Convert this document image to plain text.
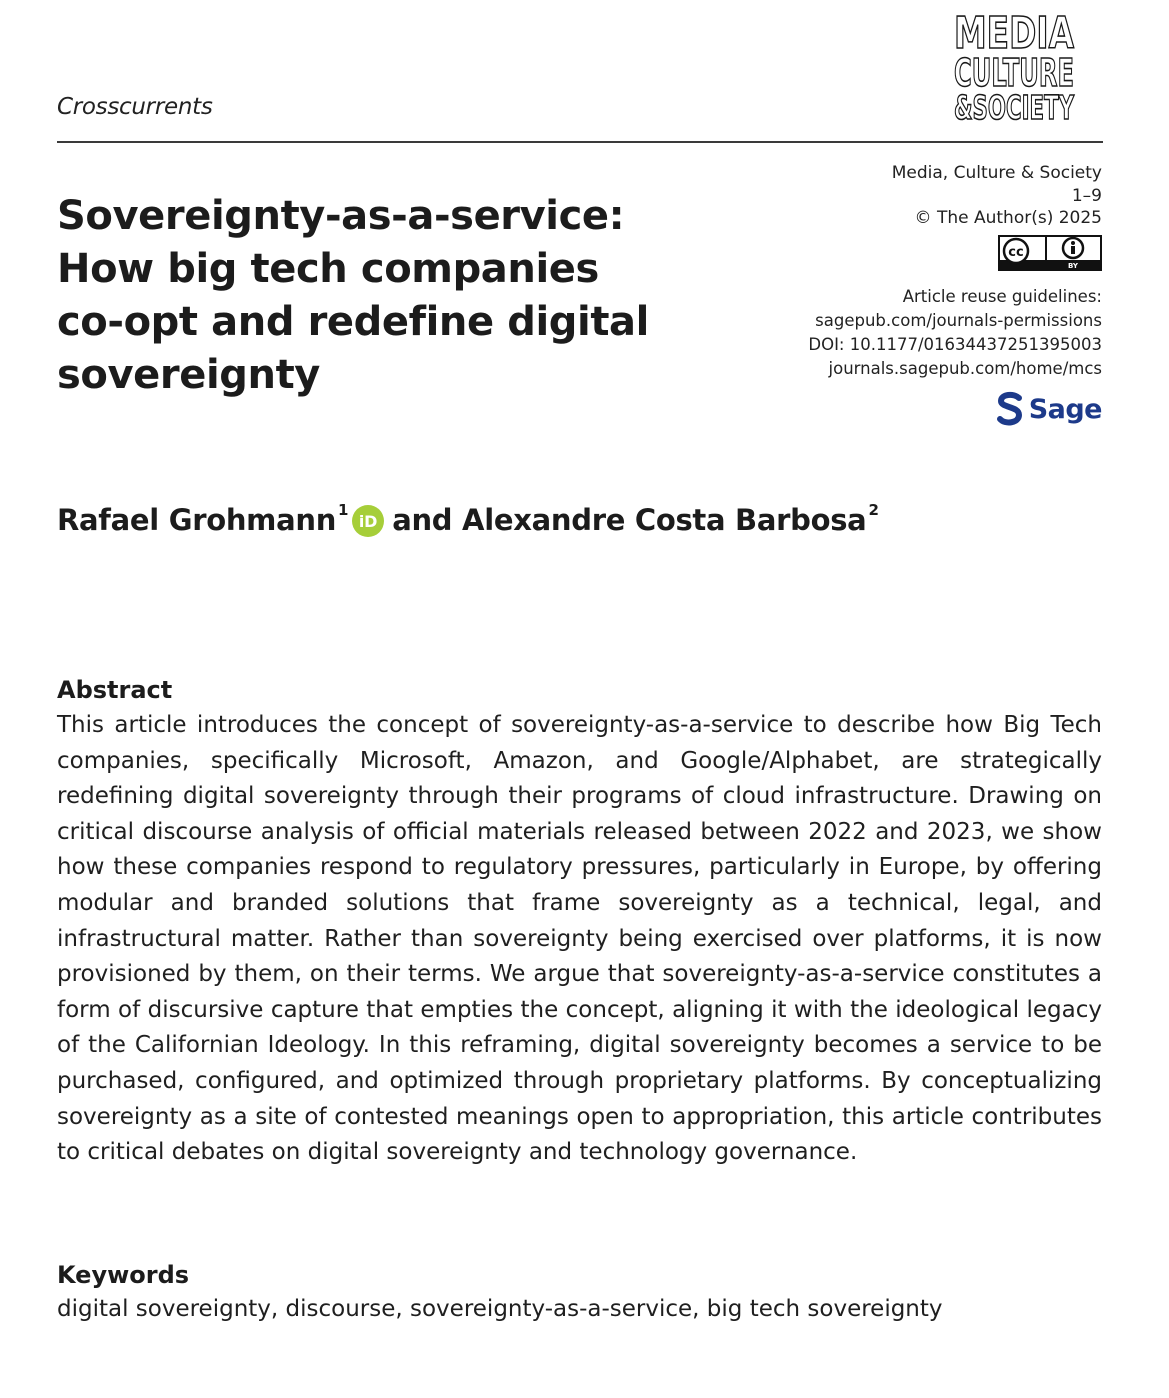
Crosscurrents
MEDIA
CULTURE
&SOCIETY
Sovereignty-as-a-service:
How big tech companies
co-opt and redefine digital
sovereignty
Media, Culture & Society
1–9
© The Author(s) 2025
cc
BY
Article reuse guidelines:
sagepub.com/journals-permissions
DOI: 10.1177/01634437251395003
journals.sagepub.com/home/mcs
Sage
Rafael Grohmann$^1$
iD and Alexandre Costa Barbosa$^2$
Abstract

This article introduces the concept of sovereignty-as-a-service to describe how Big Tech companies, specifically Microsoft, Amazon, and Google/Alphabet, are strategically redefining digital sovereignty through their programs of cloud infrastructure. Drawing on critical discourse analysis of official materials released between 2022 and 2023, we show how these companies respond to regulatory pressures, particularly in Europe, by offering modular and branded solutions that frame sovereignty as a technical, legal, and infrastructural matter. Rather than sovereignty being exercised over platforms, it is now provisioned by them, on their terms. We argue that sovereignty-as-a-service constitutes a form of discursive capture that empties the concept, aligning it with the ideological legacy of the Californian Ideology. In this reframing, digital sovereignty becomes a service to be purchased, configured, and optimized through proprietary platforms. By conceptualizing sovereignty as a site of contested meanings open to appropriation, this article contributes to critical debates on digital sovereignty and technology governance.

Keywords
digital sovereignty, discourse, sovereignty-as-a-service, big tech sovereignty
